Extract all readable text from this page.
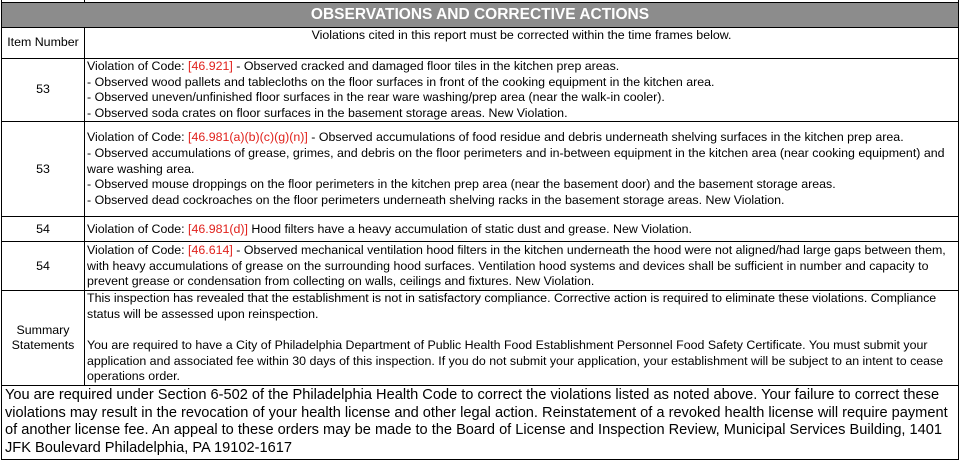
OBSERVATIONS AND CORRECTIVE ACTIONS	
Item Number	Violations cited in this report must be corrected within the time frames below.
53	Violation of Code: [46.921] - Observed cracked and damaged floor tiles in the kitchen prep areas.

- Observed wood pallets and tablecloths on the floor surfaces in front of the cooking equipment in the kitchen area.

- Observed uneven/unfinished floor surfaces in the rear ware washing/prep area (near the walk-in cooler).

- Observed soda crates on floor surfaces in the basement storage areas. New Violation.

53	Violation of Code: [46.981(a)(b)(c)(g)(n)] - Observed accumulations of food residue and debris underneath shelving surfaces in the kitchen prep area.

- Observed accumulations of grease, grimes, and debris on the floor perimeters and in-between equipment in the kitchen area (near cooking equipment) and ware washing area.

- Observed mouse droppings on the floor perimeters in the kitchen prep area (near the basement door) and the basement storage areas.

- Observed dead cockroaches on the floor perimeters underneath shelving racks in the basement storage areas. New Violation.

54	Violation of Code: [46.981(d)] Hood filters have a heavy accumulation of static dust and grease. New Violation.

54	Violation of Code: [46.614] - Observed mechanical ventilation hood filters in the kitchen underneath the hood were not aligned/had large gaps between them, with heavy accumulations of grease on the surrounding hood surfaces. Ventilation hood systems and devices shall be sufficient in number and capacity to prevent grease or condensation from collecting on walls, ceilings and fixtures. New Violation.

Summary Statements	This inspection has revealed that the establishment is not in satisfactory compliance. Corrective action is required to eliminate these violations. Compliance status will be assessed upon reinspection.

You are required to have a City of Philadelphia Department of Public Health Food Establishment Personnel Food Safety Certificate. You must submit your application and associated fee within 30 days of this inspection. If you do not submit your application, your establishment will be subject to an intent to cease operations order.

You are required under Section 6-502 of the Philadelphia Health Code to correct the violations listed as noted above. Your failure to correct these violations may result in the revocation of your health license and other legal action. Reinstatement of a revoked health license will require payment of another license fee. An appeal to these orders may be made to the Board of License and Inspection Review, Municipal Services Building, 1401 JFK Boulevard Philadelphia, PA 19102-1617	
